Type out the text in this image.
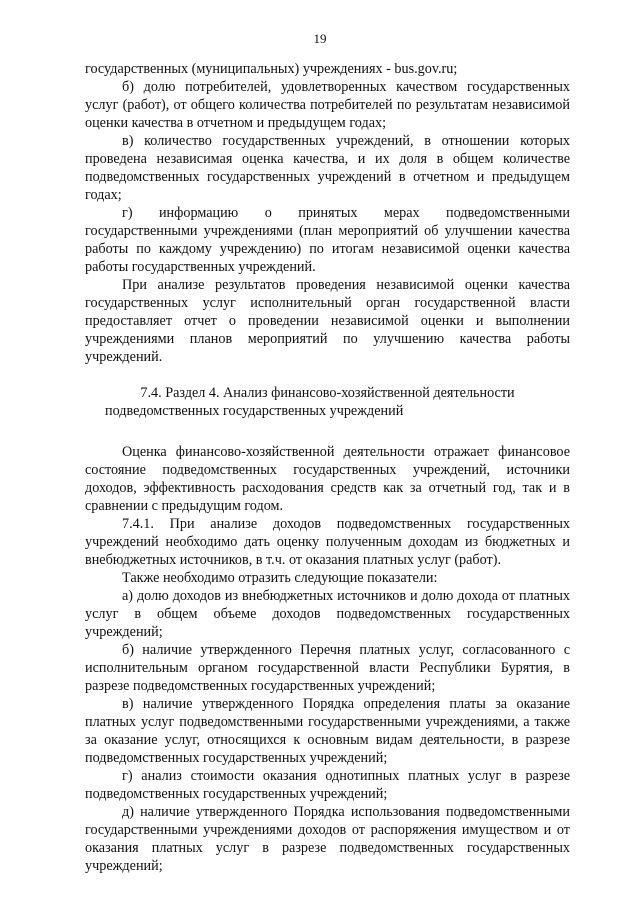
19

государственных (муниципальных) учреждениях - bus.gov.ru;

б) долю потребителей, удовлетворенных качеством государственных услуг (работ), от общего количества потребителей по результатам независимой оценки качества в отчетном и предыдущем годах;

в) количество государственных учреждений, в отношении которых проведена независимая оценка качества, и их доля в общем количестве подведомственных государственных учреждений в отчетном и предыдущем годах;

г) информацию о принятых мерах подведомственными государственными учреждениями (план мероприятий об улучшении качества работы по каждому учреждению) по итогам независимой оценки качества работы государственных учреждений.

При анализе результатов проведения независимой оценки качества государственных услуг исполнительный орган государственной власти предоставляет отчет о проведении независимой оценки и выполнении учреждениями планов мероприятий по улучшению качества работы учреждений.

7.4. Раздел 4. Анализ финансово-хозяйственной деятельности подведомственных государственных учреждений

Оценка финансово-хозяйственной деятельности отражает финансовое состояние подведомственных государственных учреждений, источники доходов, эффективность расходования средств как за отчетный год, так и в сравнении с предыдущим годом.

7.4.1. При анализе доходов подведомственных государственных учреждений необходимо дать оценку полученным доходам из бюджетных и внебюджетных источников, в т.ч. от оказания платных услуг (работ).

Также необходимо отразить следующие показатели:

а) долю доходов из внебюджетных источников и долю дохода от платных услуг в общем объеме доходов подведомственных государственных учреждений;

б) наличие утвержденного Перечня платных услуг, согласованного с исполнительным органом государственной власти Республики Бурятия, в разрезе подведомственных государственных учреждений;

в) наличие утвержденного Порядка определения платы за оказание платных услуг подведомственными государственными учреждениями, а также за оказание услуг, относящихся к основным видам деятельности, в разрезе подведомственных государственных учреждений;

г) анализ стоимости оказания однотипных платных услуг в разрезе подведомственных государственных учреждений;

д) наличие утвержденного Порядка использования подведомственными государственными учреждениями доходов от распоряжения имуществом и от оказания платных услуг в разрезе подведомственных государственных учреждений;
